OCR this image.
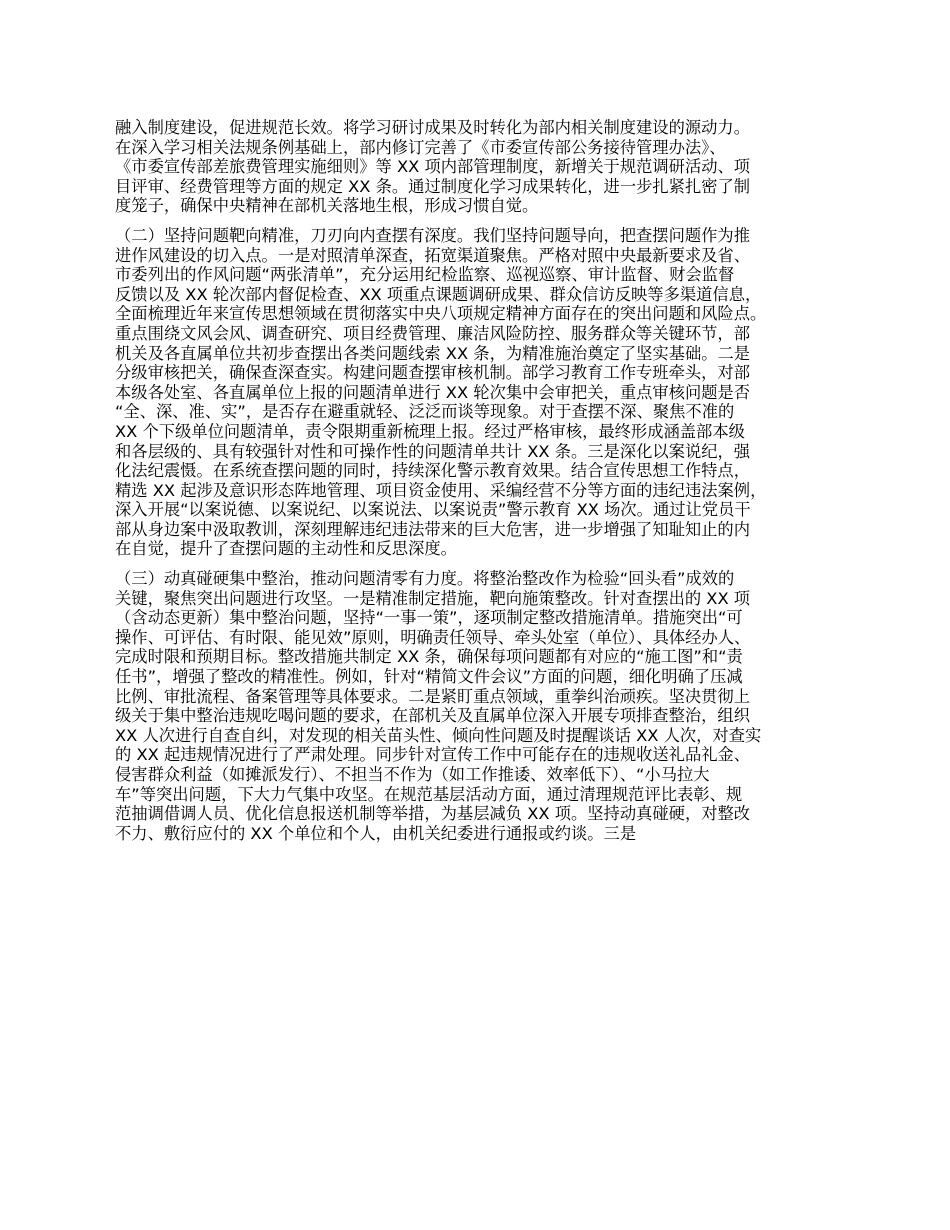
融入制度建设，促进规范长效。将学习研讨成果及时转化为部内相关制度建设的源动力。
在深入学习相关法规条例基础上，部内修订完善了《市委宣传部公务接待管理办法》、
《市委宣传部差旅费管理实施细则》等 XX 项内部管理制度，新增关于规范调研活动、项
目评审、经费管理等方面的规定 XX 条。通过制度化学习成果转化，进一步扎紧扎密了制
度笼子，确保中央精神在部机关落地生根，形成习惯自觉。
（二）坚持问题靶向精准，刀刃向内查摆有深度。我们坚持问题导向，把查摆问题作为推
进作风建设的切入点。一是对照清单深查，拓宽渠道聚焦。严格对照中央最新要求及省、
市委列出的作风问题“两张清单”，充分运用纪检监察、巡视巡察、审计监督、财会监督
反馈以及 XX 轮次部内督促检查、XX 项重点课题调研成果、群众信访反映等多渠道信息，
全面梳理近年来宣传思想领域在贯彻落实中央八项规定精神方面存在的突出问题和风险点。
重点围绕文风会风、调查研究、项目经费管理、廉洁风险防控、服务群众等关键环节，部
机关及各直属单位共初步查摆出各类问题线索 XX 条，为精准施治奠定了坚实基础。二是
分级审核把关，确保查深查实。构建问题查摆审核机制。部学习教育工作专班牵头，对部
本级各处室、各直属单位上报的问题清单进行 XX 轮次集中会审把关，重点审核问题是否
“全、深、准、实”，是否存在避重就轻、泛泛而谈等现象。对于查摆不深、聚焦不准的
XX 个下级单位问题清单，责令限期重新梳理上报。经过严格审核，最终形成涵盖部本级
和各层级的、具有较强针对性和可操作性的问题清单共计 XX 条。三是深化以案说纪，强
化法纪震慑。在系统查摆问题的同时，持续深化警示教育效果。结合宣传思想工作特点，
精选 XX 起涉及意识形态阵地管理、项目资金使用、采编经营不分等方面的违纪违法案例，
深入开展“以案说德、以案说纪、以案说法、以案说责”警示教育 XX 场次。通过让党员干
部从身边案中汲取教训，深刻理解违纪违法带来的巨大危害，进一步增强了知耻知止的内
在自觉，提升了查摆问题的主动性和反思深度。
（三）动真碰硬集中整治，推动问题清零有力度。将整治整改作为检验“回头看”成效的
关键，聚焦突出问题进行攻坚。一是精准制定措施，靶向施策整改。针对查摆出的 XX 项
（含动态更新）集中整治问题，坚持“一事一策”，逐项制定整改措施清单。措施突出“可
操作、可评估、有时限、能见效”原则，明确责任领导、牵头处室（单位）、具体经办人、
完成时限和预期目标。整改措施共制定 XX 条，确保每项问题都有对应的“施工图”和“责
任书”，增强了整改的精准性。例如，针对“精简文件会议”方面的问题，细化明确了压减
比例、审批流程、备案管理等具体要求。二是紧盯重点领域，重拳纠治顽疾。坚决贯彻上
级关于集中整治违规吃喝问题的要求，在部机关及直属单位深入开展专项排查整治，组织
XX 人次进行自查自纠，对发现的相关苗头性、倾向性问题及时提醒谈话 XX 人次，对查实
的 XX 起违规情况进行了严肃处理。同步针对宣传工作中可能存在的违规收送礼品礼金、
侵害群众利益（如摊派发行）、不担当不作为（如工作推诿、效率低下）、“小马拉大
车”等突出问题，下大力气集中攻坚。在规范基层活动方面，通过清理规范评比表彰、规
范抽调借调人员、优化信息报送机制等举措，为基层减负 XX 项。坚持动真碰硬，对整改
不力、敷衍应付的 XX 个单位和个人，由机关纪委进行通报或约谈。三是
